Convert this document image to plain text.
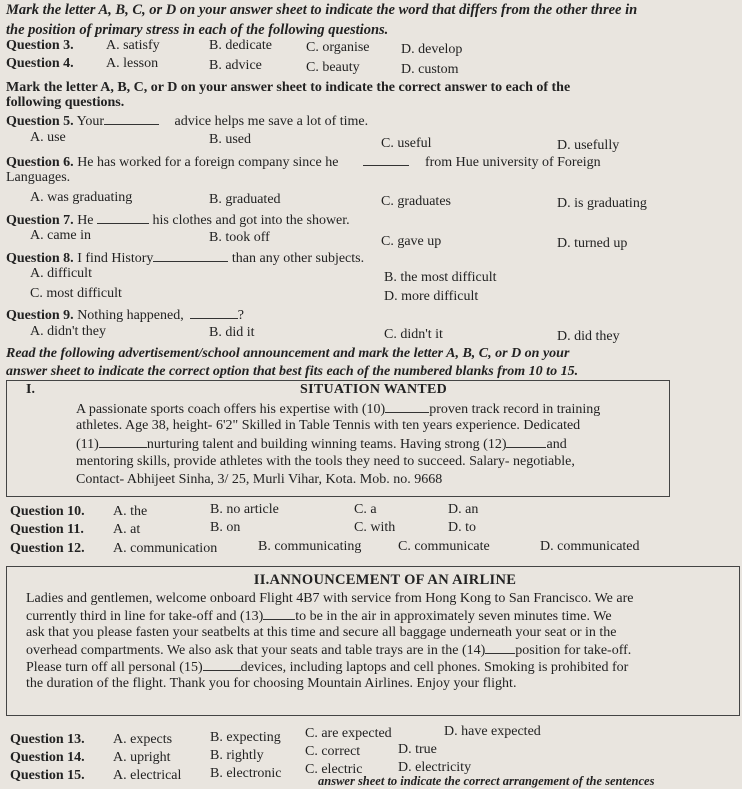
Mark the letter A, B, C, or D on your answer sheet to indicate the word that differs from the other three in
the position of primary stress in each of the following questions.
Question 3. A. satisfy	B. dedicate C. organise D. develop
Question 4. A. lesson	B. advice	C. beauty	D. custom
Mark the letter A, B, C, or D on your answer sheet to indicate the correct answer to each of the
following questions.
Question 5. Your	advice helps me save a lot of time.
A. use	B. used	C. useful	D. usefully
Question 6. He has worked for a foreign company since he	from Hue university of Foreign
Languages.
A. was graduating	B. graduated	C. graduates	D. is graduating
Question 7. He	his clothes and got into the shower.
A. came in	B. took off	C. gave up	D. turned up
Question 8. I find History	than any other subjects.
A. difficult	B. the most difficult
C. most difficult	D. more difficult
Question 9. Nothing happened,	?
A. didn't they	B. did it	C. didn't it	D. did they
Read the following advertisement/school announcement and mark the letter A, B, C, or D on your
answer sheet to indicate the correct option that best fits each of the numbered blanks from 10 to 15.
I.	SITUATION WANTED
A passionate sports coach offers his expertise with (10)	proven track record in training
athletes. Age 38, height- 6'2" Skilled in Table Tennis with ten years experience. Dedicated
(11)	nurturing talent and building winning teams. Having strong (12)	and
mentoring skills, provide athletes with the tools they need to succeed. Salary- negotiable,
Contact- Abhijeet Sinha, 3/ 25, Murli Vihar, Kota. Mob. no. 9668
Question 10. A. the	B. no article	C. a	D. an
Question 11. A. at	B. on	C. with	D. to
Question 12. A. communication	B. communicating	C. communicate	D. communicated
II.ANNOUNCEMENT OF AN AIRLINE
Ladies and gentlemen, welcome onboard Flight 4B7 with service from Hong Kong to San Francisco. We are
currently third in line for take-off and (13) to be in the air in approximately seven minutes time. We
ask that you please fasten your seatbelts at this time and secure all baggage underneath your seat or in the
overhead compartments. We also ask that your seats and table trays are in the (14) position for take-off.
Please turn off all personal (15)	devices, including laptops and cell phones. Smoking is prohibited for
the duration of the flight. Thank you for choosing Mountain Airlines. Enjoy your flight.
Question 13. A. expects	B. expecting C. are expected	D. have expected
Question 14. A. upright	B. rightly	C. correct	D. true
Question 15. A. electrical B. electronic C. electric	D. electricity
answer sheet to indicate the correct arrangement of the sentences
